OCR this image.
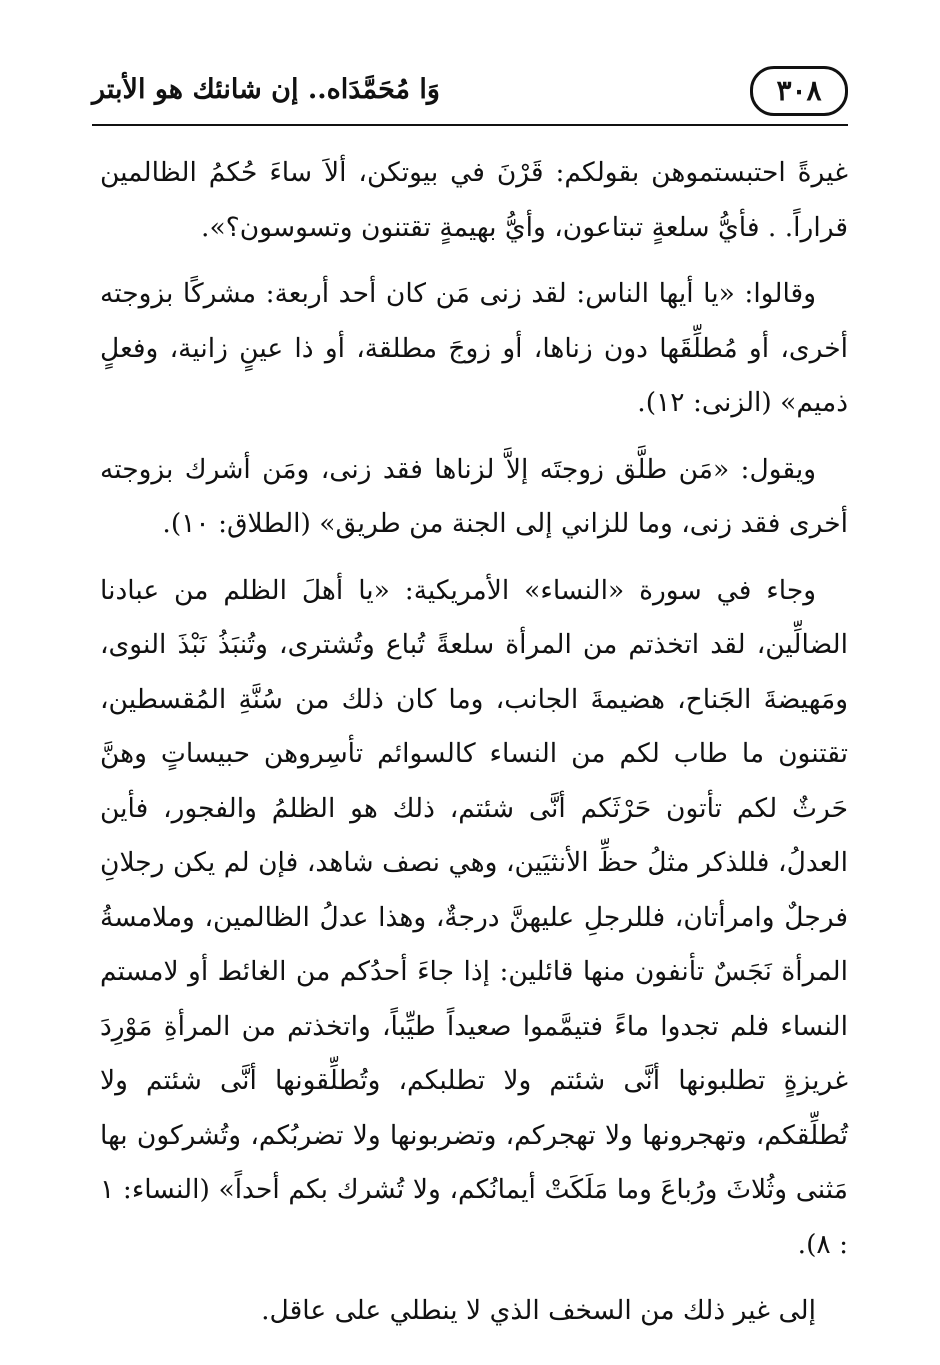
٣٠٨
وَا مُحَمَّدَاه.. إن شانئك هو الأبتر

غيرةً احتبستموهن بقولكم: قَرْنَ في بيوتكن، ألاَ ساءَ حُكمُ الظالمين قراراً. . فأيُّ سلعةٍ تبتاعون، وأيُّ بهيمةٍ تقتنون وتسوسون؟».

وقالوا: «يا أيها الناس: لقد زنى مَن كان أحد أربعة: مشركًا بزوجته أخرى، أو مُطلِّقَها دون زناها، أو زوجَ مطلقة، أو ذا عينٍ زانية، وفعلٍ ذميم» (الزنى: ١٢).

ويقول: «مَن طلَّق زوجتَه إلاَّ لزناها فقد زنى، ومَن أشرك بزوجته أخرى فقد زنى، وما للزاني إلى الجنة من طريق» (الطلاق: ١٠).

وجاء في سورة «النساء» الأمريكية: «يا أهلَ الظلم من عبادنا الضالِّين، لقد اتخذتم من المرأة سلعةً تُباع وتُشترى، وتُنبَذُ نَبْذَ النوى، ومَهيضةَ الجَناح، هضيمةَ الجانب، وما كان ذلك من سُنَّةِ المُقسطين، تقتنون ما طاب لكم من النساء كالسوائم تأسِروهن حبيساتٍ وهنَّ حَرثٌ لكم تأتون حَرْثَكم أنَّى شئتم، ذلك هو الظلمُ والفجور، فأين العدلُ، فللذكر مثلُ حظِّ الأنثيَين، وهي نصف شاهد، فإن لم يكن رجلانِ فرجلٌ وامرأتان، فللرجلِ عليهنَّ درجةٌ، وهذا عدلُ الظالمين، وملامسةُ المرأة نَجَسٌ تأنفون منها قائلين: إذا جاءَ أحدُكم من الغائط أو لامستم النساء فلم تجدوا ماءً فتيمَّموا صعيداً طيِّباً، واتخذتم من المرأةِ مَوْرِدَ غريزةٍ تطلبونها أنَّى شئتم ولا تطلبكم، وتُطلِّقونها أنَّى شئتم ولا تُطلِّقكم، وتهجرونها ولا تهجركم، وتضربونها ولا تضربُكم، وتُشركون بها مَثنى وثُلاثَ ورُباعَ وما مَلَكَتْ أيمانُكم، ولا تُشرك بكم أحداً» (النساء: ١ : ٨).

إلى غير ذلك من السخف الذي لا ينطلي على عاقل.
